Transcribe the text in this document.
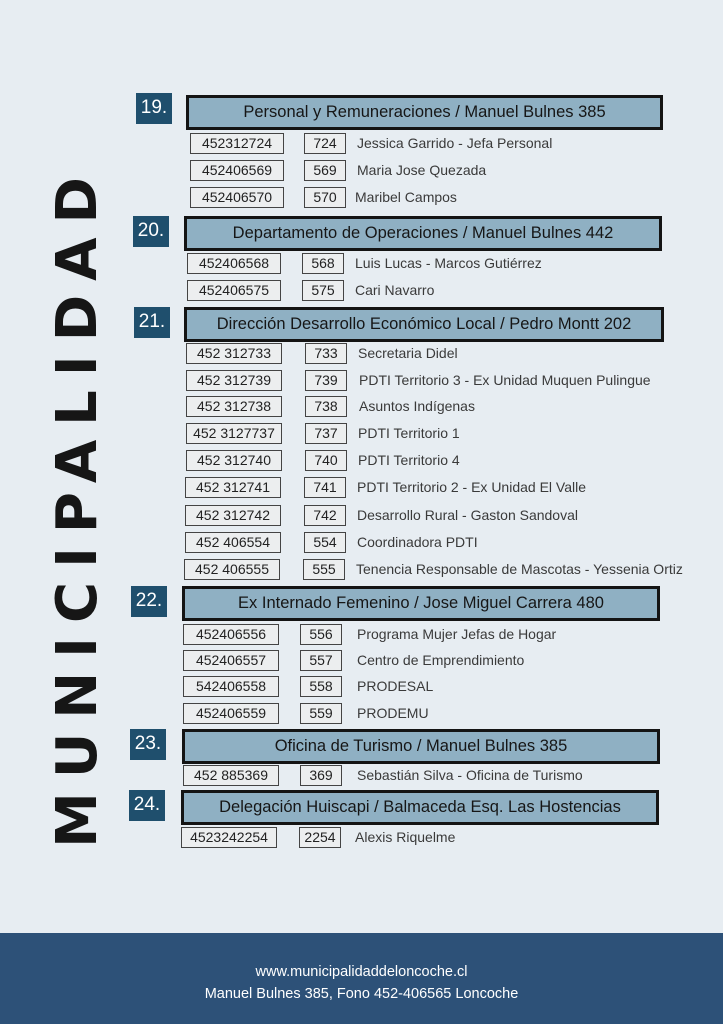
MUNICIPALIDAD
19.	Personal y Remuneraciones / Manuel Bulnes 385
452312724	724	Jessica Garrido - Jefa Personal
452406569	569	Maria Jose Quezada
452406570	570	Maribel Campos
20.	Departamento de Operaciones / Manuel Bulnes 442
452406568	568	Luis Lucas - Marcos Gutiérrez
452406575	575	Cari Navarro
21.	Dirección Desarrollo Económico Local / Pedro Montt 202
452 312733	733	Secretaria Didel
452 312739	739	PDTI Territorio 3 - Ex Unidad Muquen Pulingue
452 312738	738	Asuntos Indígenas
452 3127737	737	PDTI Territorio 1
452 312740	740	PDTI Territorio 4
452 312741	741	PDTI Territorio 2 - Ex Unidad El Valle
452 312742	742	Desarrollo Rural - Gaston Sandoval
452 406554	554	Coordinadora PDTI
452 406555	555	Tenencia Responsable de Mascotas - Yessenia Ortiz
22.	Ex Internado Femenino / Jose Miguel Carrera 480
452406556	556	Programa Mujer Jefas de Hogar
452406557	557	Centro de Emprendimiento
542406558	558	PRODESAL
452406559	559	PRODEMU
23.	Oficina de Turismo / Manuel Bulnes 385
452 885369	369	Sebastián Silva - Oficina de Turismo
24.	Delegación Huiscapi / Balmaceda Esq. Las Hostencias
4523242254	2254	Alexis Riquelme
www.municipalidaddeloncoche.cl
Manuel Bulnes 385, Fono 452-406565 Loncoche
